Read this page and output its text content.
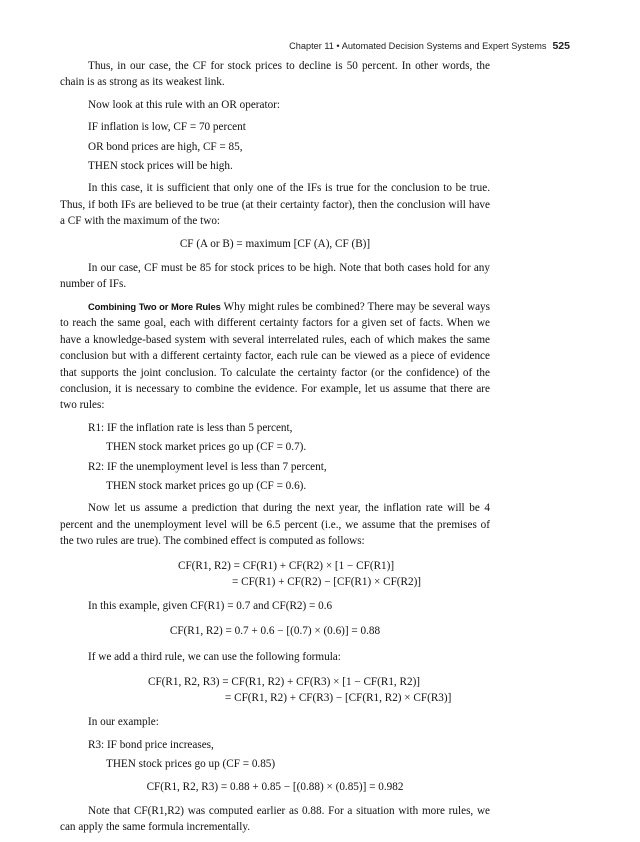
Chapter 11 • Automated Decision Systems and Expert Systems 525

Thus, in our case, the CF for stock prices to decline is 50 percent. In other words, the chain is as strong as its weakest link.

Now look at this rule with an OR operator:

IF inflation is low, CF = 70 percent
OR bond prices are high, CF = 85,
THEN stock prices will be high.

In this case, it is sufficient that only one of the IFs is true for the conclusion to be true. Thus, if both IFs are believed to be true (at their certainty factor), then the conclusion will have a CF with the maximum of the two:

CF (A or B) = maximum [CF (A), CF (B)]

In our case, CF must be 85 for stock prices to be high. Note that both cases hold for any number of IFs.

Combining Two or More Rules Why might rules be combined? There may be several ways to reach the same goal, each with different certainty factors for a given set of facts. When we have a knowledge-based system with several interrelated rules, each of which makes the same conclusion but with a different certainty factor, each rule can be viewed as a piece of evidence that supports the joint conclusion. To calculate the certainty factor (or the confidence) of the conclusion, it is necessary to combine the evidence. For example, let us assume that there are two rules:

R1: IF the inflation rate is less than 5 percent,
THEN stock market prices go up (CF = 0.7).
R2: IF the unemployment level is less than 7 percent,
THEN stock market prices go up (CF = 0.6).

Now let us assume a prediction that during the next year, the inflation rate will be 4 percent and the unemployment level will be 6.5 percent (i.e., we assume that the premises of the two rules are true). The combined effect is computed as follows:

CF(R1, R2) = CF(R1) + CF(R2) × [1 − CF(R1)]
= CF(R1) + CF(R2) − [CF(R1) × CF(R2)]

In this example, given CF(R1) = 0.7 and CF(R2) = 0.6

CF(R1, R2) = 0.7 + 0.6 − [(0.7) × (0.6)] = 0.88

If we add a third rule, we can use the following formula:

CF(R1, R2, R3) = CF(R1, R2) + CF(R3) × [1 − CF(R1, R2)]
= CF(R1, R2) + CF(R3) − [CF(R1, R2) × CF(R3)]

In our example:

R3: IF bond price increases,
THEN stock prices go up (CF = 0.85)
CF(R1, R2, R3) = 0.88 + 0.85 − [(0.88) × (0.85)] = 0.982

Note that CF(R1,R2) was computed earlier as 0.88. For a situation with more rules, we can apply the same formula incrementally.
